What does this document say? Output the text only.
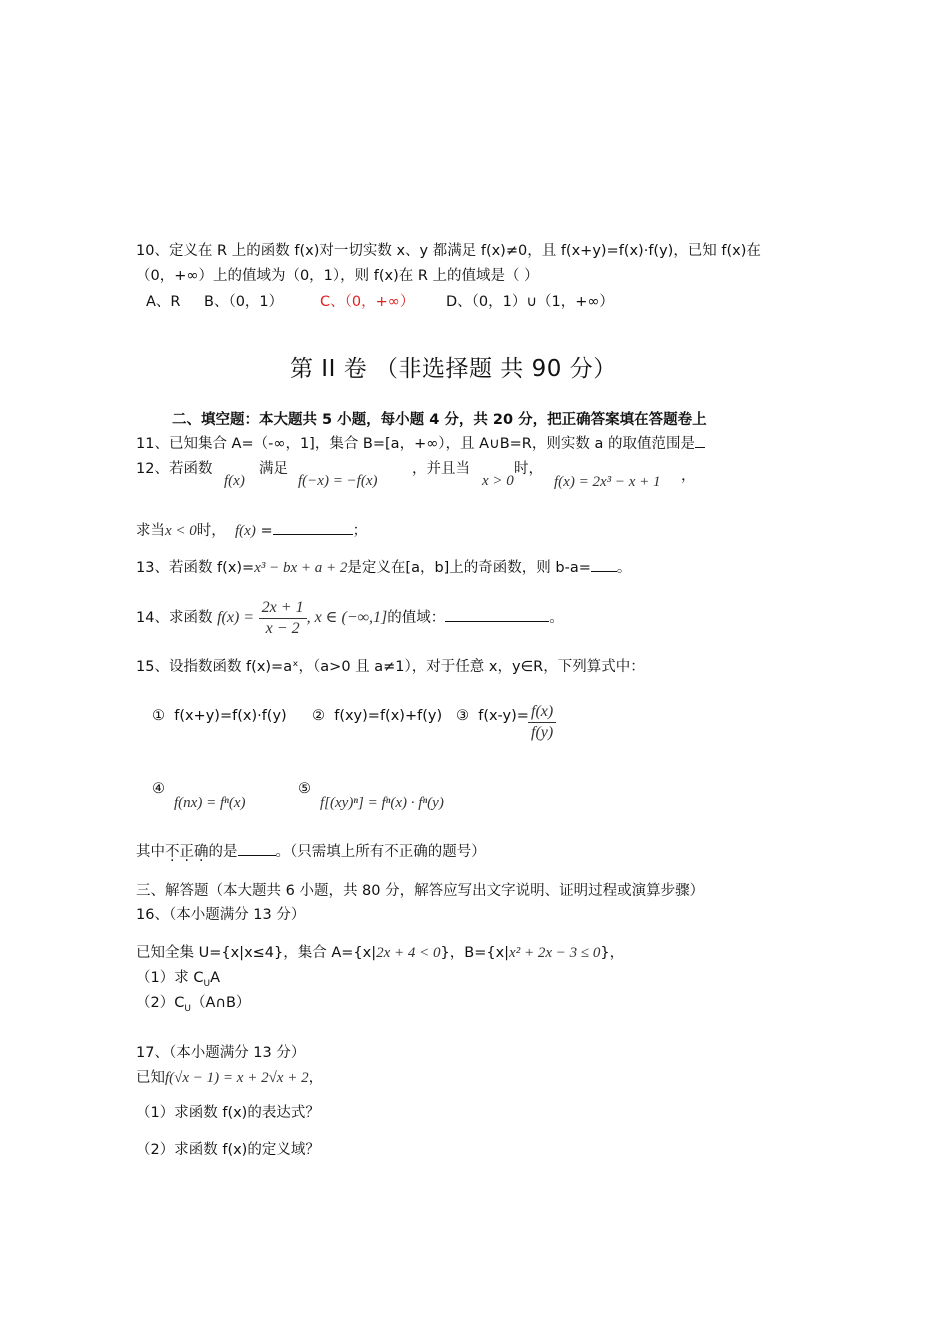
10、定义在 R 上的函数 f(x)对一切实数 x、y 都满足 f(x)≠0，且 f(x+y)=f(x)·f(y)，已知 f(x)在
（0，+∞）上的值域为（0，1），则 f(x)在 R 上的值域是（ ）
A、R B、（0，1）	C、（0，+∞） D、（0，1）∪（1，+∞）
第 II 卷 （非选择题 共 90 分）
二、填空题：本大题共 5 小题，每小题 4 分，共 20 分，把正确答案填在答题卷上
11、已知集合 A=（-∞，1]，集合 B=[a，+∞），且 A∪B=R，则实数 a 的取值范围是
12、若函数
f(x)
满足
f(−x) = −f(x)
，并且当
x > 0
时，
f(x) = 2x³ − x + 1 ，
求当x < 0时， f(x) =	；
13、若函数 f(x)=x³ − bx + a + 2是定义在[a，b]上的奇函数，则 b-a= 。
14、求函数 $f(x) = \frac{2x + 1}{x - 2}$ , x ∈ (−∞,1]的值域：	。
15、设指数函数 f(x)=aˣ，（a>0 且 a≠1），对于任意 x，y∈R，下列算式中：
① f(x+y)=f(x)·f(y) ② f(xy)=f(x)+f(y) ③ $f(x-y)= \frac{f(x)}{f(y)}$
④
f(nx) = fⁿ(x)
⑤
f[(xy)ⁿ] = fⁿ(x) · fⁿ(y)
其中不正确的是	。（只需填上所有不正确的题号）
三、解答题（本大题共 6 小题，共 80 分，解答应写出文字说明、证明过程或演算步骤）
16、（本小题满分 13 分）
已知全集 U={x|x≤4}，集合 A={x|2x + 4 < 0}，B={x|x² + 2x − 3 ≤ 0}，
（1）求 $C_UA$
$(2)C_U(A\cap B)$
17、（本小题满分 13 分）
已知f(√x − 1) = x + 2√x + 2，
（1）求函数 f(x)的表达式？
（2）求函数 f(x)的定义域？
